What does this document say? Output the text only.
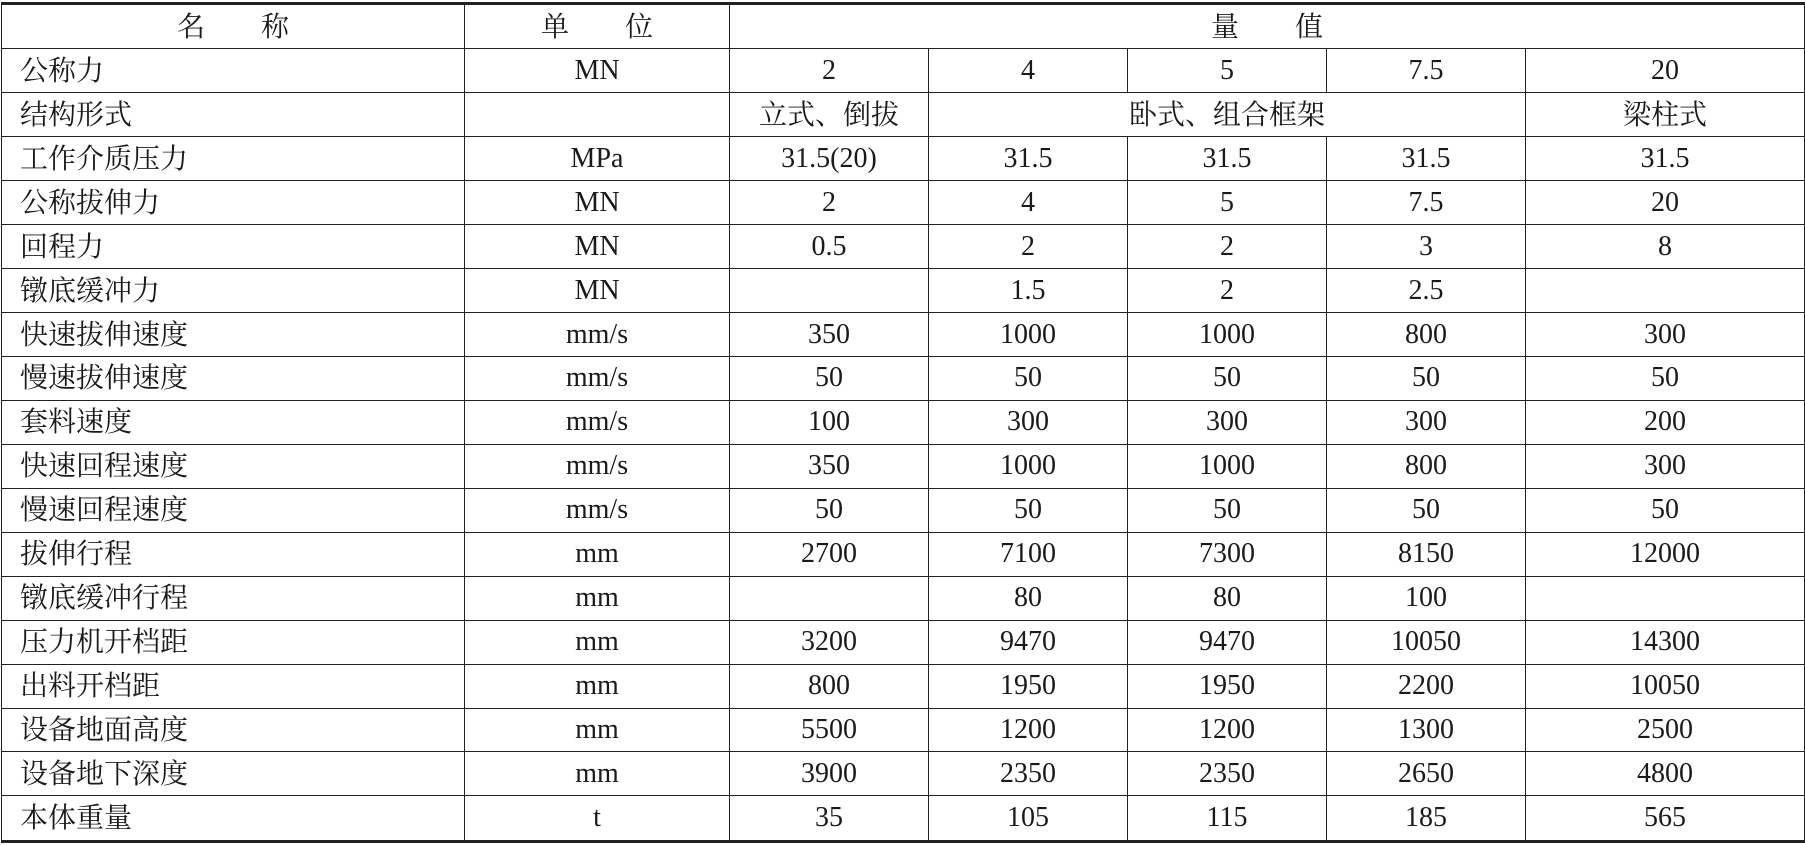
名　　称	单　　位	量　　值				
公称力	MN	2	4	5	7.5	20
结构形式		立式、倒拔	卧式、组合框架			梁柱式
工作介质压力	MPa	31.5(20)	31.5	31.5	31.5	31.5
公称拔伸力	MN	2	4	5	7.5	20
回程力	MN	0.5	2	2	3	8
镦底缓冲力	MN		1.5	2	2.5	
快速拔伸速度	mm/s	350	1000	1000	800	300
慢速拔伸速度	mm/s	50	50	50	50	50
套料速度	mm/s	100	300	300	300	200
快速回程速度	mm/s	350	1000	1000	800	300
慢速回程速度	mm/s	50	50	50	50	50
拔伸行程	mm	2700	7100	7300	8150	12000
镦底缓冲行程	mm		80	80	100	
压力机开档距	mm	3200	9470	9470	10050	14300
出料开档距	mm	800	1950	1950	2200	10050
设备地面高度	mm	5500	1200	1200	1300	2500
设备地下深度	mm	3900	2350	2350	2650	4800
本体重量	t	35	105	115	185	565
